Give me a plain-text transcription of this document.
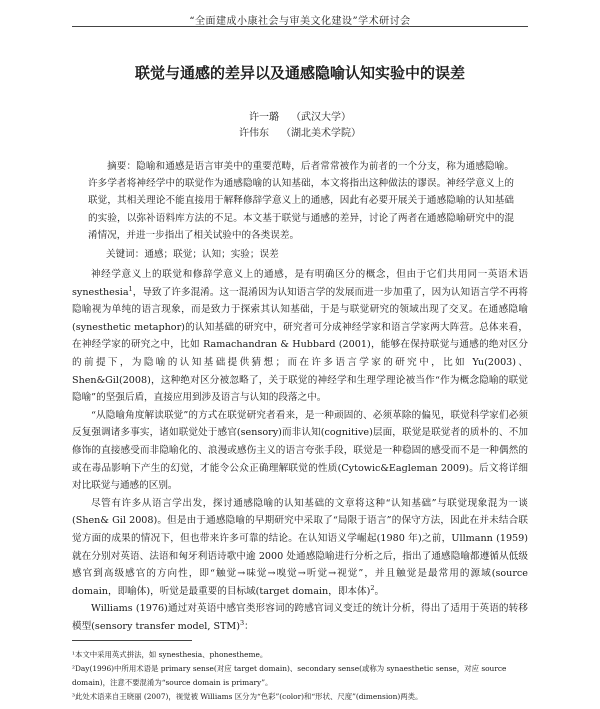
“全面建成小康社会与审美文化建设”学术研讨会
联觉与通感的差异以及通感隐喻认知实验中的误差
许一璐 （武汉大学）
许伟东 （湖北美术学院）
摘要：隐喻和通感是语言审美中的重要范畴，后者常常被作为前者的一个分支，称为通感隐喻。许多学者将神经学中的联觉作为通感隐喻的认知基础，本文将指出这种做法的谬误。神经学意义上的联觉，其相关理论不能直接用于解释修辞学意义上的通感，因此有必要开展关于通感隐喻的认知基础的实验，以弥补语料库方法的不足。本文基于联觉与通感的差异，讨论了两者在通感隐喻研究中的混淆情况，并进一步指出了相关试验中的各类误差。
关键词：通感；联觉；认知；实验；误差

神经学意义上的联觉和修辞学意义上的通感，是有明确区分的概念，但由于它们共用同一英语术语 synesthesia$^1$，导致了许多混淆。这一混淆因为认知语言学的发展而进一步加重了，因为认知语言学不再将隐喻视为单纯的语言现象，而是致力于探索其认知基础，于是与联觉研究的领域出现了交叉。在通感隐喻(synesthetic metaphor)的认知基础的研究中，研究者可分成神经学家和语言学家两大阵营。总体来看，在神经学家的研究之中，比如 Ramachandran & Hubbard (2001)，能够在保持联觉与通感的绝对区分的前提下，为隐喻的认知基础提供猜想；而在许多语言学家的研究中，比如 Yu(2003)、Shen&Gil(2008)，这种绝对区分被忽略了，关于联觉的神经学和生理学理论被当作“作为概念隐喻的联觉隐喻”的坚强后盾，直接应用到涉及语言与认知的段落之中。

“从隐喻角度解读联觉”的方式在联觉研究者看来，是一种顽固的、必须革除的偏见，联觉科学家们必须反复强调诸多事实，诸如联觉处于感官(sensory)而非认知(cognitive)层面，联觉是联觉者的质朴的、不加修饰的直接感受而非隐喻化的、浪漫或感伤主义的语言夸张手段，联觉是一种稳固的感受而不是一种偶然的或在毒品影响下产生的幻觉，才能令公众正确理解联觉的性质(Cytowic&Eagleman 2009)。后文将详细对比联觉与通感的区别。

尽管有许多从语言学出发，探讨通感隐喻的认知基础的文章将这种“认知基础”与联觉现象混为一谈(Shen& Gil 2008)。但是由于通感隐喻的早期研究中采取了“局限于语言”的保守方法，因此在并未结合联觉方面的成果的情况下，但也带来许多可靠的结论。在认知语义学崛起(1980 年)之前，Ullmann (1959) 就在分别对英语、法语和匈牙利语诗歌中逾 2000 处通感隐喻进行分析之后，指出了通感隐喻都遵循从低级感官到高级感官的方向性，即“触觉→味觉→嗅觉→听觉→视觉”，并且触觉是最常用的源域(source domain，即喻体)，听觉是最重要的目标域(target domain，即本体)$^2$。

Williams (1976)通过对英语中感官类形容词的跨感官词义变迁的统计分析，得出了适用于英语的转移模型(sensory transfer model, STM)$^3$：

¹本文中采用英式拼法，如 synesthesia、phonestheme。
²Day(1996)中所用术语是 primary sense(对应 target domain)、secondary sense(或称为 synaesthetic sense，对应 source domain)，注意不要混淆为“source domain is primary”。
³此处术语来自王晓丽 (2007)，视觉被 Williams 区分为“色彩”(color)和“形状、尺度”(dimension)两类。
